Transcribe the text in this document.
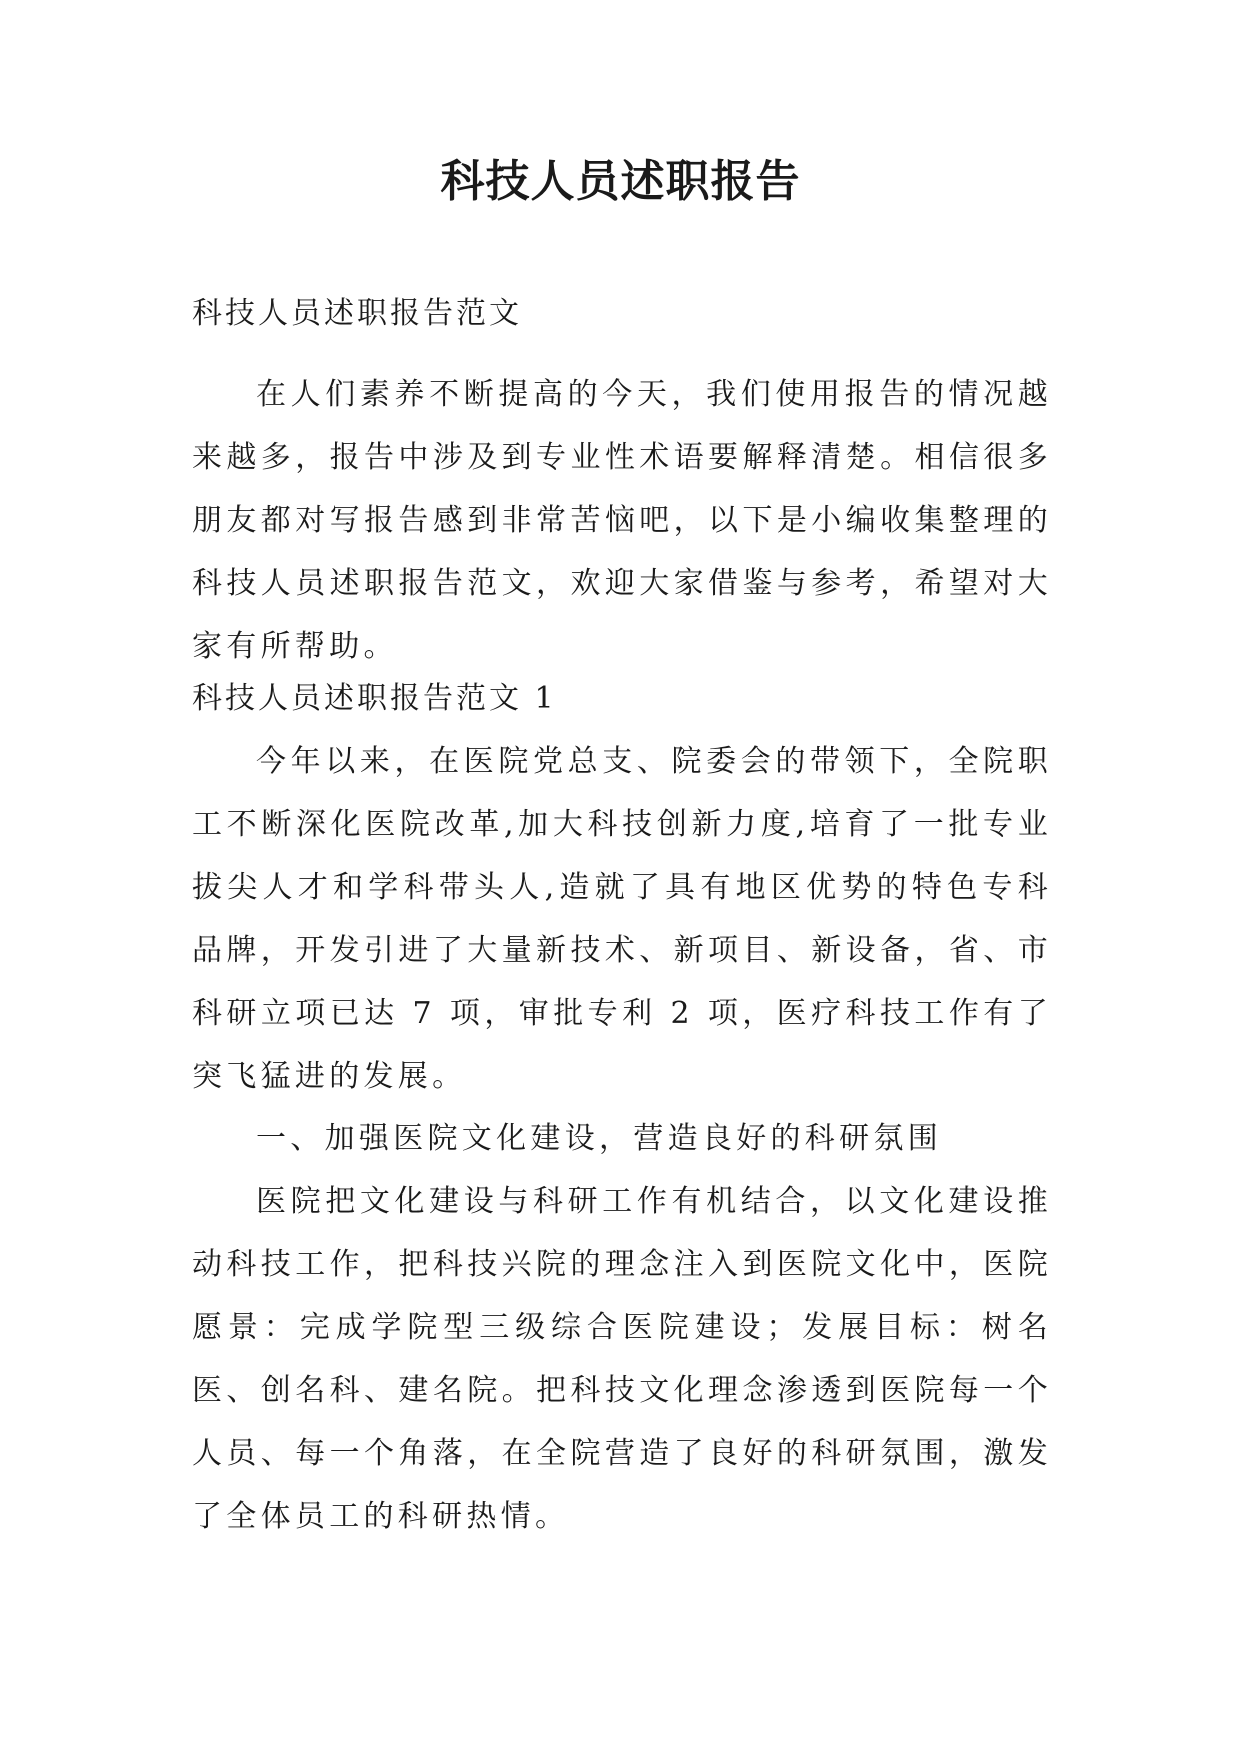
科技人员述职报告

科技人员述职报告范文

在人们素养不断提高的今天，我们使用报告的情况越来越多，报告中涉及到专业性术语要解释清楚。相信很多朋友都对写报告感到非常苦恼吧，以下是小编收集整理的科技人员述职报告范文，欢迎大家借鉴与参考，希望对大家有所帮助。

科技人员述职报告范文 1

今年以来，在医院党总支、院委会的带领下，全院职工不断深化医院改革,加大科技创新力度,培育了一批专业拔尖人才和学科带头人,造就了具有地区优势的特色专科品牌，开发引进了大量新技术、新项目、新设备，省、市科研立项已达 7 项，审批专利 2 项，医疗科技工作有了突飞猛进的发展。

一、加强医院文化建设，营造良好的科研氛围

医院把文化建设与科研工作有机结合，以文化建设推动科技工作，把科技兴院的理念注入到医院文化中，医院愿景：完成学院型三级综合医院建设；发展目标：树名医、创名科、建名院。把科技文化理念渗透到医院每一个人员、每一个角落，在全院营造了良好的科研氛围，激发了全体员工的科研热情。
